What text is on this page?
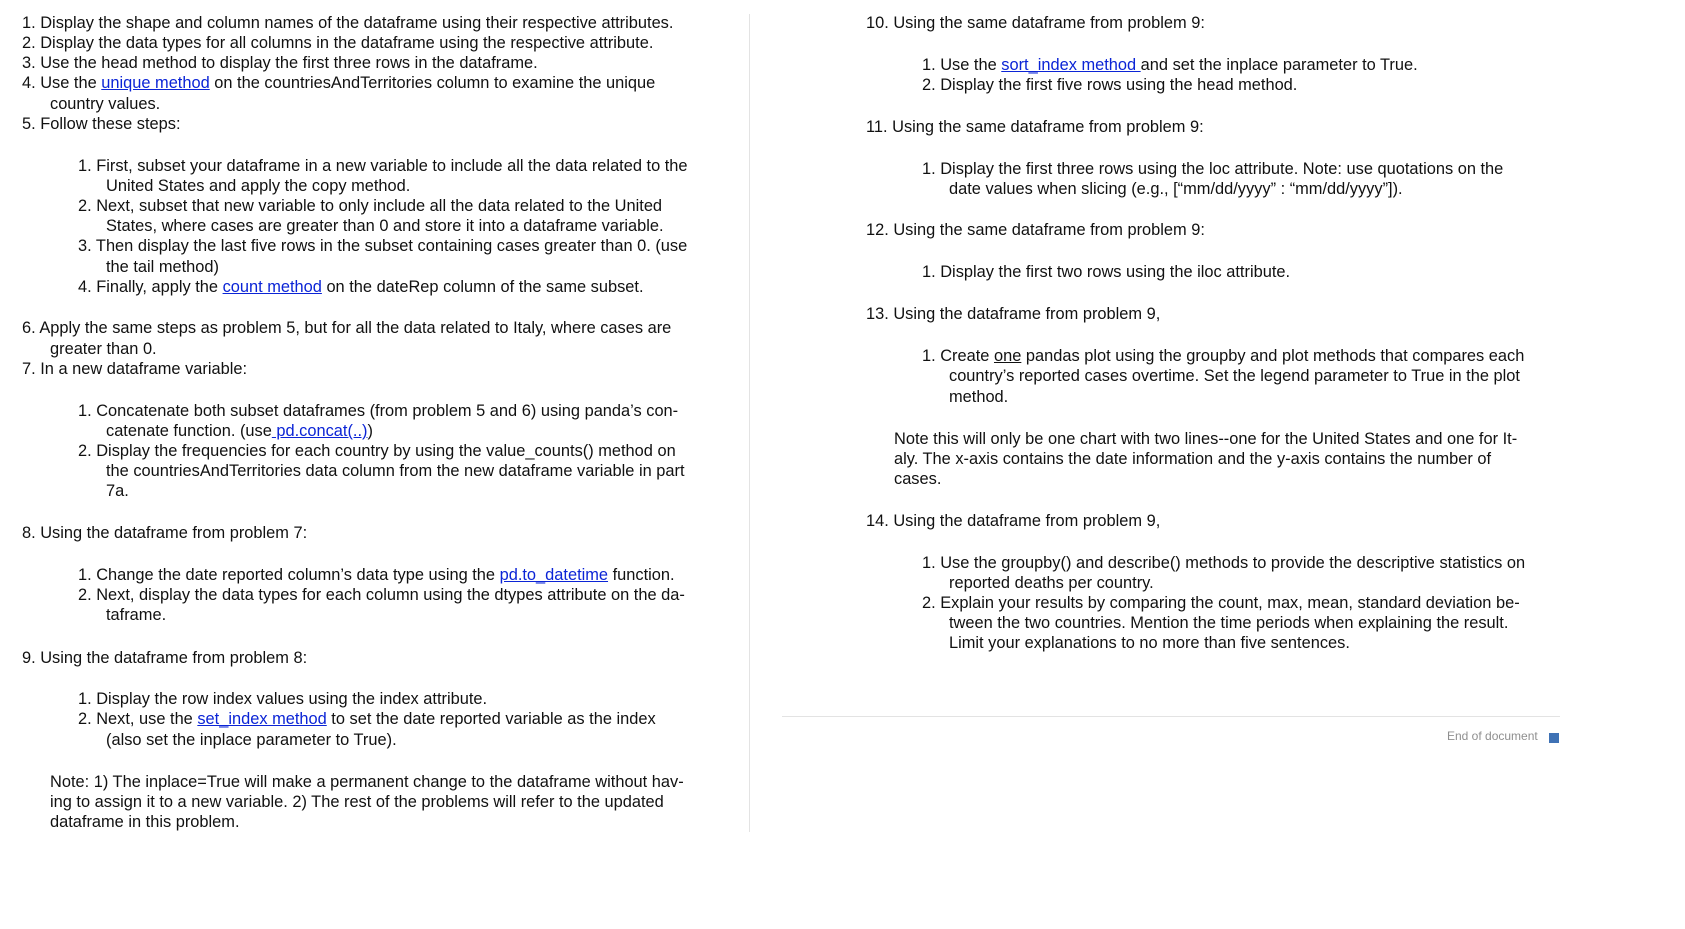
1. Display the shape and column names of the dataframe using their respective attributes.
2. Display the data types for all columns in the dataframe using the respective attribute.
3. Use the head method to display the first three rows in the dataframe.
4. Use the unique method on the countriesAndTerritories column to examine the unique
country values.
5. Follow these steps:
1. First, subset your dataframe in a new variable to include all the data related to the
United States and apply the copy method.
2. Next, subset that new variable to only include all the data related to the United
States, where cases are greater than 0 and store it into a dataframe variable.
3. Then display the last five rows in the subset containing cases greater than 0. (use
the tail method)
4. Finally, apply the count method on the dateRep column of the same subset.
6. Apply the same steps as problem 5, but for all the data related to Italy, where cases are
greater than 0.
7. In a new dataframe variable:
1. Concatenate both subset dataframes (from problem 5 and 6) using panda’s con-
catenate function. (use pd.concat(..))
2. Display the frequencies for each country by using the value_counts() method on
the countriesAndTerritories data column from the new dataframe variable in part
7a.
8. Using the dataframe from problem 7:
1. Change the date reported column’s data type using the pd.to_datetime function.
2. Next, display the data types for each column using the dtypes attribute on the da-
taframe.
9. Using the dataframe from problem 8:
1. Display the row index values using the index attribute.
2. Next, use the set_index method to set the date reported variable as the index
(also set the inplace parameter to True).
Note: 1) The inplace=True will make a permanent change to the dataframe without hav-
ing to assign it to a new variable. 2) The rest of the problems will refer to the updated
dataframe in this problem.
10. Using the same dataframe from problem 9:
1. Use the sort_index method and set the inplace parameter to True.
2. Display the first five rows using the head method.
11. Using the same dataframe from problem 9:
1. Display the first three rows using the loc attribute. Note: use quotations on the
date values when slicing (e.g., [“mm/dd/yyyy” : “mm/dd/yyyy”]).
12. Using the same dataframe from problem 9:
1. Display the first two rows using the iloc attribute.
13. Using the dataframe from problem 9,
1. Create one pandas plot using the groupby and plot methods that compares each
country’s reported cases overtime. Set the legend parameter to True in the plot
method.
Note this will only be one chart with two lines--one for the United States and one for It-
aly. The x-axis contains the date information and the y-axis contains the number of
cases.
14. Using the dataframe from problem 9,
1. Use the groupby() and describe() methods to provide the descriptive statistics on
reported deaths per country.
2. Explain your results by comparing the count, max, mean, standard deviation be-
tween the two countries. Mention the time periods when explaining the result.
Limit your explanations to no more than five sentences.
End of document
